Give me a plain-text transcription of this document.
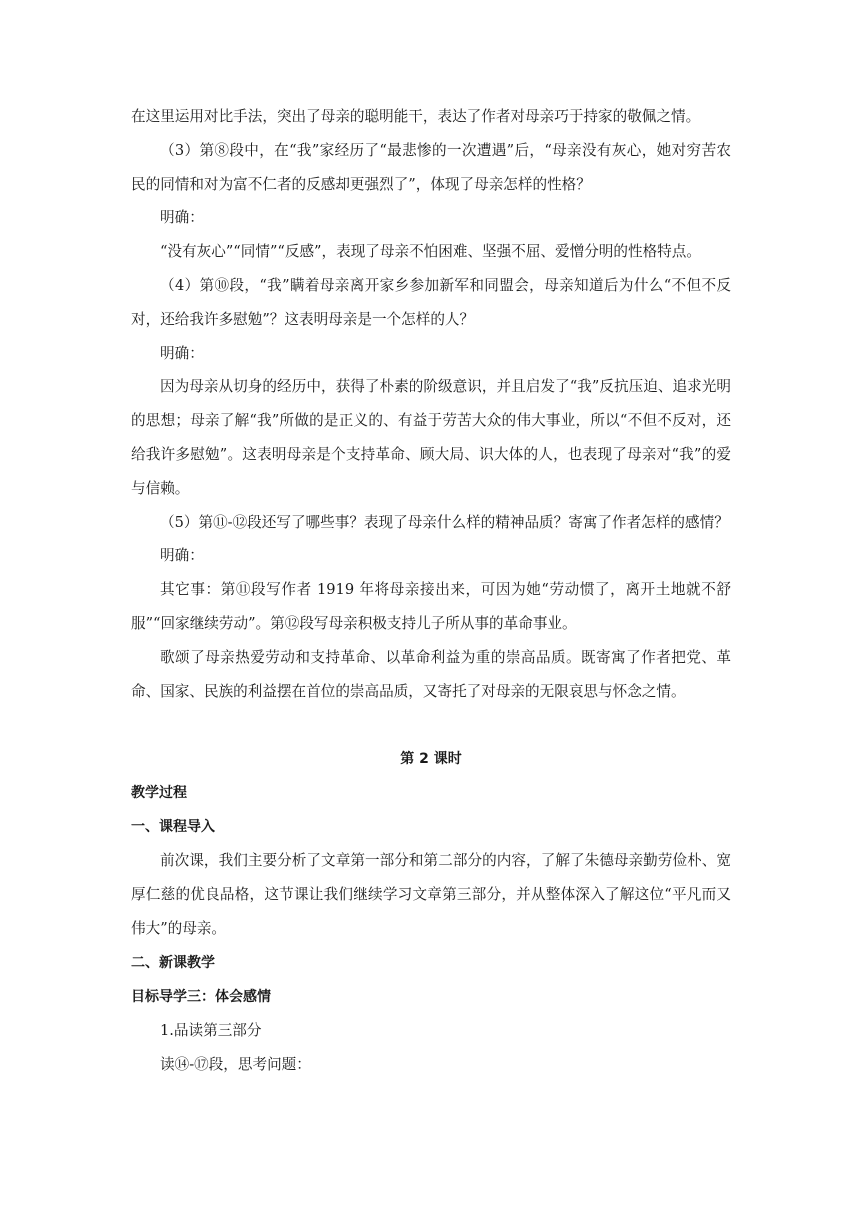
在这里运用对比手法，突出了母亲的聪明能干，表达了作者对母亲巧于持家的敬佩之情。

（3）第⑧段中，在“我”家经历了“最悲惨的一次遭遇”后，“母亲没有灰心，她对穷苦农民的同情和对为富不仁者的反感却更强烈了”，体现了母亲怎样的性格？

明确：

“没有灰心”“同情”“反感”，表现了母亲不怕困难、坚强不屈、爱憎分明的性格特点。

（4）第⑩段，“我”瞒着母亲离开家乡参加新军和同盟会，母亲知道后为什么“不但不反对，还给我许多慰勉”？这表明母亲是一个怎样的人？

明确：

因为母亲从切身的经历中，获得了朴素的阶级意识，并且启发了“我”反抗压迫、追求光明的思想；母亲了解“我”所做的是正义的、有益于劳苦大众的伟大事业，所以“不但不反对，还给我许多慰勉”。这表明母亲是个支持革命、顾大局、识大体的人，也表现了母亲对“我”的爱与信赖。

（5）第⑪-⑫段还写了哪些事？表现了母亲什么样的精神品质？寄寓了作者怎样的感情？

明确：

其它事：第⑪段写作者 1919 年将母亲接出来，可因为她“劳动惯了，离开土地就不舒服”“回家继续劳动”。第⑫段写母亲积极支持儿子所从事的革命事业。

歌颂了母亲热爱劳动和支持革命、以革命利益为重的崇高品质。既寄寓了作者把党、革命、国家、民族的利益摆在首位的崇高品质，又寄托了对母亲的无限哀思与怀念之情。

第 2 课时

教学过程

一、课程导入

前次课，我们主要分析了文章第一部分和第二部分的内容，了解了朱德母亲勤劳俭朴、宽厚仁慈的优良品格，这节课让我们继续学习文章第三部分，并从整体深入了解这位“平凡而又伟大”的母亲。

二、新课教学

目标导学三：体会感情

1.品读第三部分

读⑭-⑰段，思考问题：
